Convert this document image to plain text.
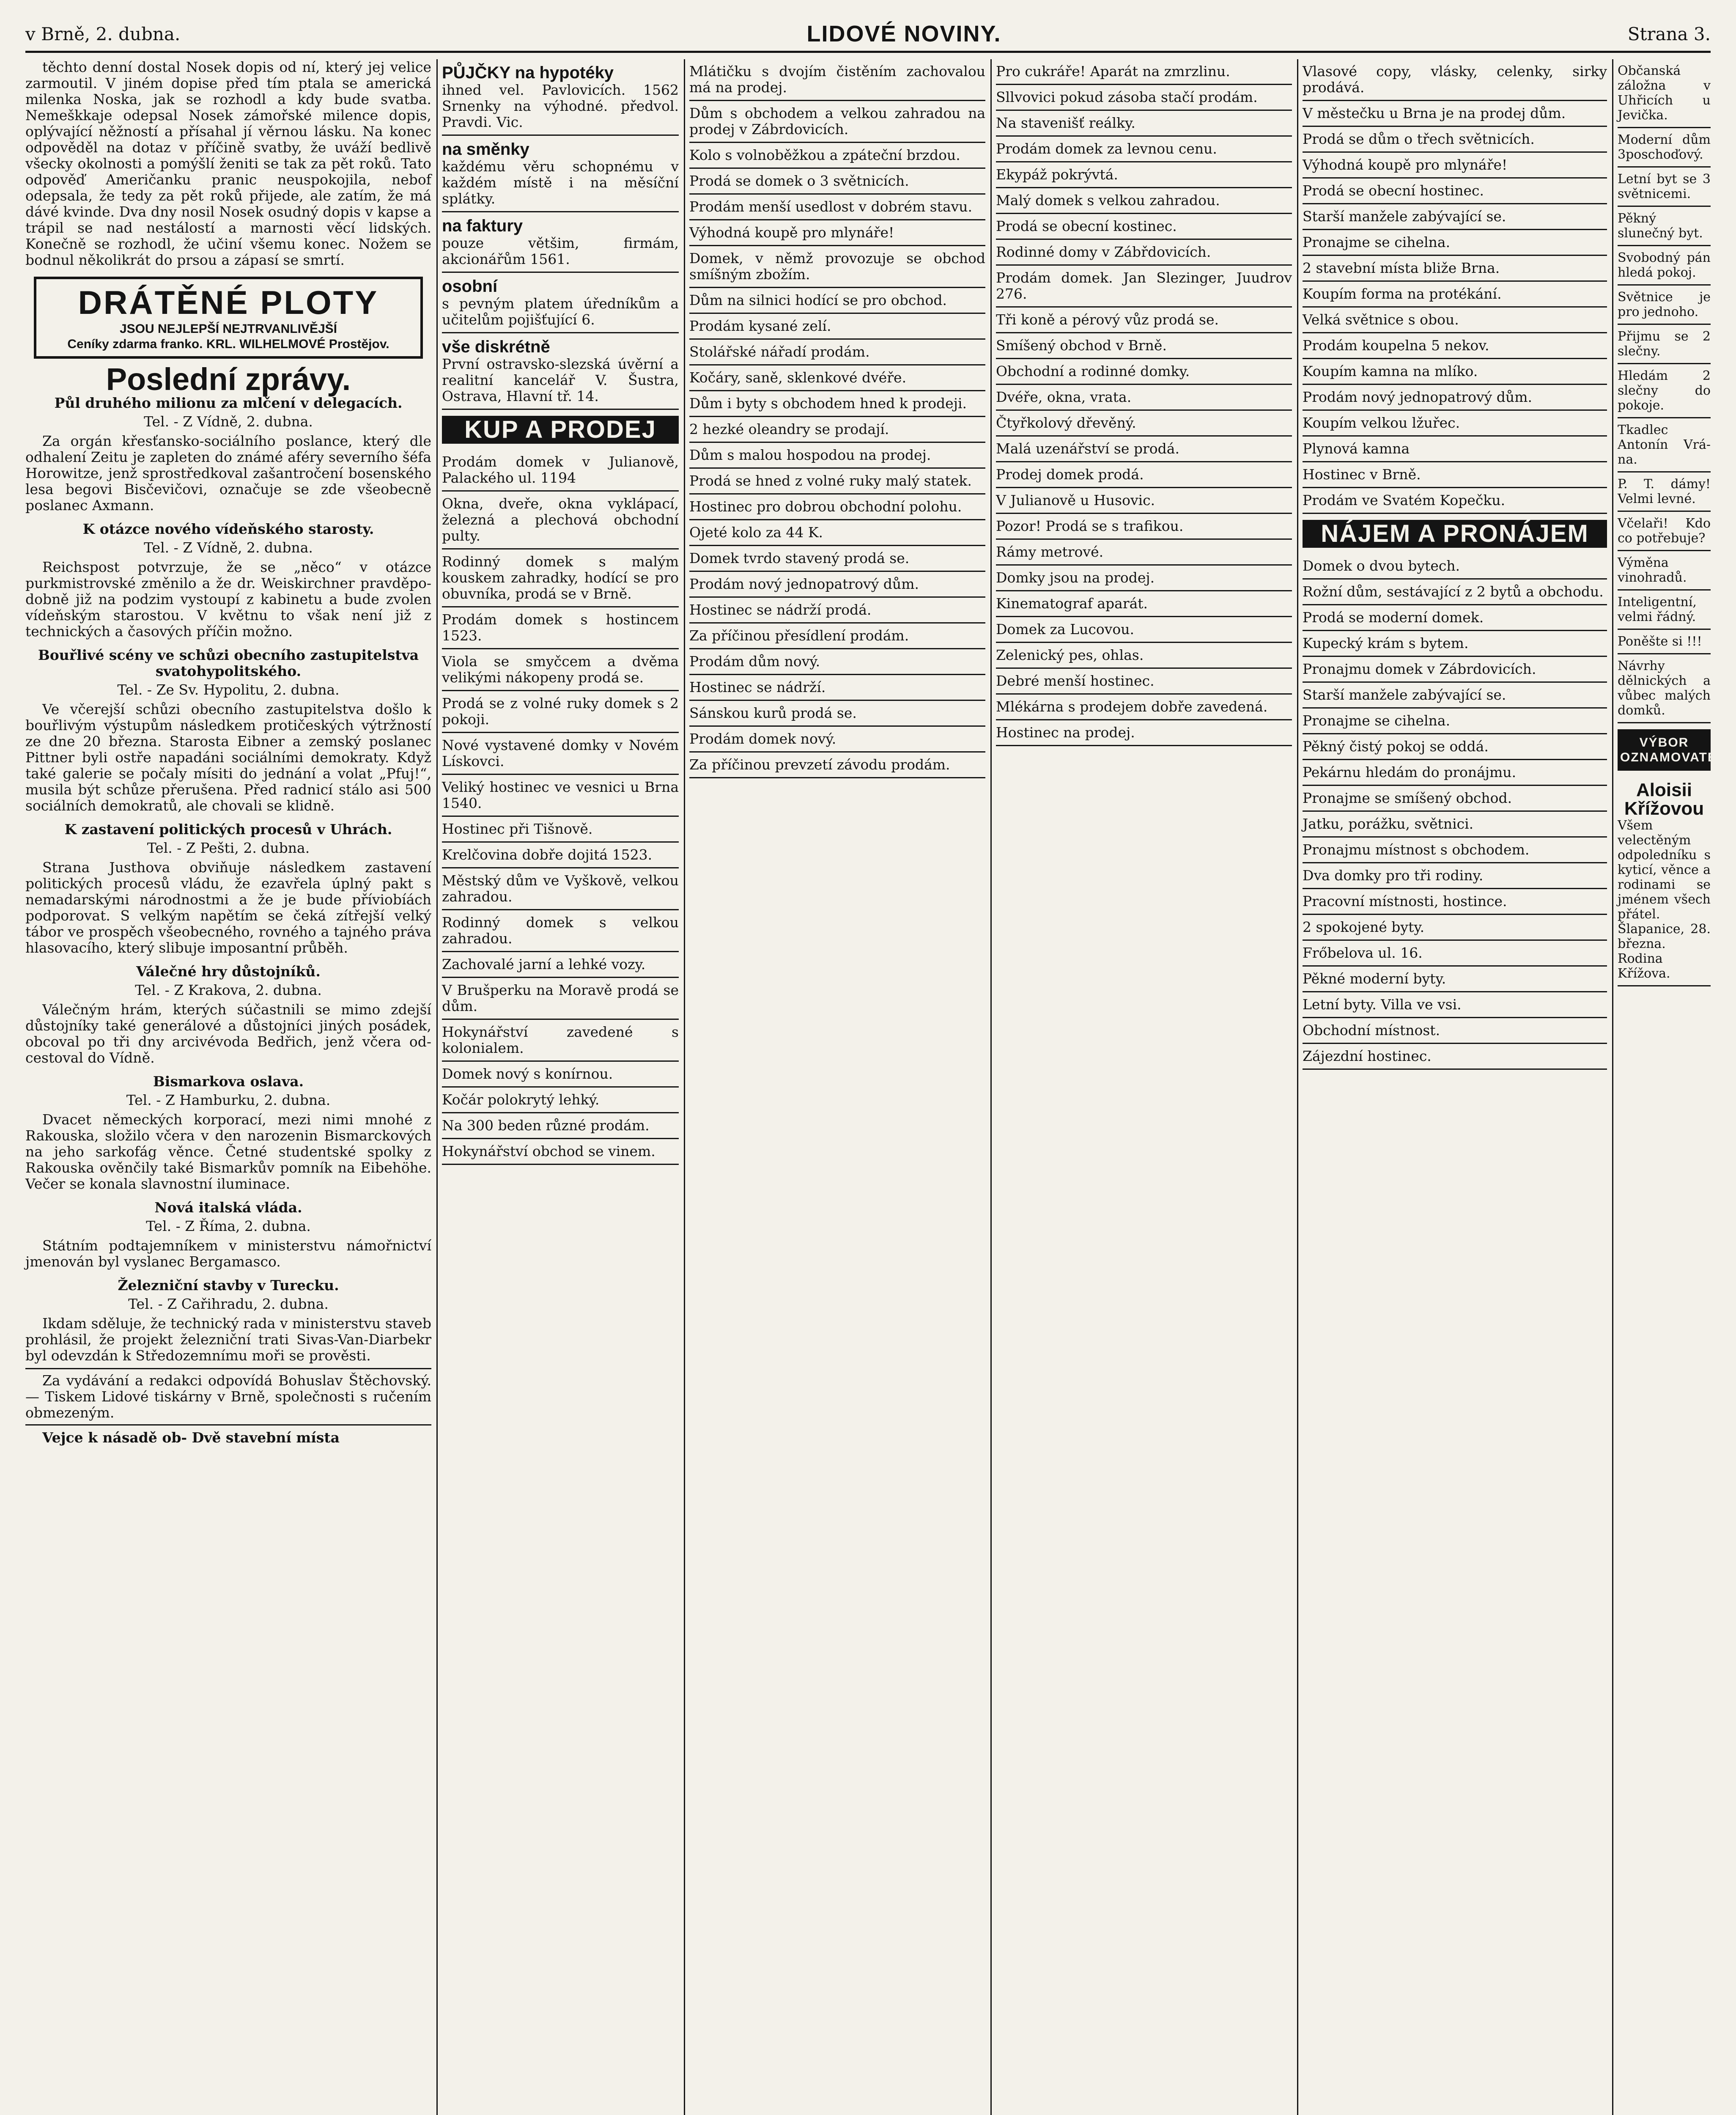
v Brně, 2. dubna.	LIDOVÉ NOVINY.	Strana 3.

těchto denní dostal Nosek dopis od ní, který jej velice zarmoutil. V jiném dopise před tím ptala se americká milenka Noska, jak se rozhodl a kdy bude svatba. Nemeškkaje odepsal Nosek zámořské milence dopis, oplývající něžností a přísahal jí věrnou lásku. Na konec odpověděl na dotaz v příčině svatby, že uváží bedlivě všecky okolnosti a pomýšlí ženiti se tak za pět roků. Tato odpověď Američanku pranic neuspokojila, nebof odepsala, že tedy za pět roků přijede, ale zatím, že má dávé kvinde. Dva dny nosil Nosek osudný dopis v kapse a trápil se nad nestálostí a marnosti věcí lidských. Konečně se rozhodl, že učiní všemu konec. Nožem se bodnul několikrát do prsou a zápasí se smrtí.

DRÁTĚNÉ PLOTY
JSOU NEJLEPŠÍ NEJTRVANLIVĚJŠÍ
Ceníky zdarma franko. KRL. WILHELMOVÉ Prostějov.
Poslední zprávy.
Půl druhého milionu za mlčení v delegacích.
Tel. - Z Vídně, 2. dubna.

Za orgán křesťansko-sociálního poslance, který dle odhalení Zeitu je zapleten do známé aféry severního šéfa Horowitze, jenž sprostředkoval zašantročení bosenského lesa begovi Bisčevičovi, označuje se zde všeobecně poslanec Axmann.

K otázce nového vídeňského starosty.
Tel. - Z Vídně, 2. dubna.

Reichspost potvrzuje, že se „něco“ v otázce purkmistrovské změnilo a že dr. Weiskirchner pravděpodobně již na podzim vystoupí z kabinetu a bude zvolen vídeňským starostou. V květnu to však není již z technických a časových příčin možno.

Bouřlivé scény ve schůzi obecního zastupitelstva svatohypolitského.
Tel. - Ze Sv. Hypolitu, 2. dubna.

Ve včerejší schůzi obecního zastupitelstva došlo k bouřlivým výstupům následkem protičeských výtržností ze dne 20 března. Starosta Eibner a zemský poslanec Pittner byli ostře napadáni sociálními demokraty. Když také galerie se počaly mísiti do jednání a volat „Pfuj!“, musila být schůze přerušena. Před radnicí stálo asi 500 sociálních demokratů, ale chovali se klidně.

K zastavení politických procesů v Uhrách.
Tel. - Z Pešti, 2. dubna.

Strana Justhova obviňuje následkem zastavení politických procesů vládu, že ezavřela úplný pakt s nemadarskými národnostmi a že je bude příviobíách podporovat. S velkým napětím se čeká zítřejší velký tábor ve prospěch všeobecného, rovného a tajného práva hlasovacího, který slibuje imposantní průběh.

Válečné hry důstojníků.
Tel. - Z Krakova, 2. dubna.

Válečným hrám, kterých súčastnili se mimo zdejší důstojníky také generálové a důstojníci jiných posádek, obcoval po tři dny arcivévoda Bedřich, jenž včera odcestoval do Vídně.

Bismarkova oslava.
Tel. - Z Hamburku, 2. dubna.

Dvacet německých korporací, mezi nimi mnohé z Rakouska, složilo včera v den narozenin Bismarckových na jeho sarkofág věnce. Četné studentské spolky z Rakouska ověnčily také Bismarkův pomník na Eibehöhe. Večer se konala slavnostní iluminace.

Nová italská vláda.
Tel. - Z Říma, 2. dubna.

Státním podtajemníkem v ministerstvu námořnictví jmenován byl vyslanec Bergamasco.

Železniční stavby v Turecku.
Tel. - Z Cařihradu, 2. dubna.

Ikdam sděluje, že technický rada v ministerstvu staveb prohlásil, že projekt železniční trati Sivas-Van-Diarbekr byl odevzdán k Středozemnímu moři se prověsti.

Za vydávání a redakci odpovídá Bohuslav Štěchovský. — Tiskem Lidové tiskárny v Brně, společnosti s ručením obmezeným.

Vejce k násadě ob- Dvě stavební místa

PŮJČKY na hypotéky
ihned vel. Pavlovicích. 1562 Srnenky na výhodné. předvol. Pravdi. Vic.
na směnky
každému věru schopnému v každém místě i na měsíční splátky.
na faktury
pouze většim, firmám, akcionářům 1561.
osobní
s pevným platem úředníkům a učitelům pojišťující 6.
vše diskrétně
První ostravsko-slezská úvěrní a realitní kancelář V. Šustra, Ostrava, Hlavní tř. 14.
KUP A PRODEJ
Prodám domek v Julianově, Palackého ul. 1194
Okna, dveře, okna vyklápací, železná a plechová obchodní pulty.
Rodinný domek s malým kouskem zahradky, hodící se pro obuvníka, prodá se v Brně.
Prodám domek s hostincem 1523.
Viola se smyčcem a dvěma velikými nákopeny prodá se.
Prodá se z volné ruky domek s 2 pokoji.
Nové vystavené domky v Novém Lískovci.
Veliký hostinec ve vesnici u Brna 1540.
Hostinec při Tišnově.
Krelčovina dobře dojitá 1523.
Městský dům ve Vyškově, velkou zahradou.
Rodinný domek s velkou zahradou.
Zachovalé jarní a lehké vozy.
V Brušperku na Moravě prodá se dům.
Hokynářství zavedené s kolonialem.
Domek nový s konírnou.
Kočár polokrytý lehký.
Na 300 beden různé prodám.
Hokynářství obchod se vinem.
Mlátičku s dvojím čistěním zachovalou má na prodej.
Dům s obchodem a velkou zahradou na prodej v Zábrdovicích.
Kolo s volnoběžkou a zpáteční brzdou.
Prodá se domek o 3 světnicích.
Prodám menší usedlost v dobrém stavu.
Výhodná koupě pro mlynáře!
Domek, v němž provozuje se obchod smíšným zbožím.
Dům na silnici hodící se pro obchod.
Prodám kysané zelí.
Stolářské nářadí prodám.
Kočáry, saně, sklenkové dvéře.
Dům i byty s obchodem hned k prodeji.
2 hezké oleandry se prodají.
Dům s malou hospodou na prodej.
Prodá se hned z volné ruky malý statek.
Hostinec pro dobrou obchodní polohu.
Ojeté kolo za 44 K.
Domek tvrdo stavený prodá se.
Prodám nový jednopatrový dům.
Hostinec se nádrží prodá.
Za příčinou přesídlení prodám.
Prodám dům nový.
Hostinec se nádrží.
Sánskou kurů prodá se.
Prodám domek nový.
Za příčinou prevzetí závodu prodám.
Pro cukráře! Aparát na zmrzlinu.
Sllvovici pokud zásoba stačí prodám.
Na stavenišť reálky.
Prodám domek za levnou cenu.
Ekypáž pokrývtá.
Malý domek s velkou zahradou.
Prodá se obecní kostinec.
Rodinné domy v Zábřdovicích.
Prodám domek. Jan Slezinger, Juudrov 276.
Tři koně a pérový vůz prodá se.
Smíšený obchod v Brně.
Obchodní a rodinné domky.
Dvéře, okna, vrata.
Čtyřkolový dřevěný.
Malá uzenářství se prodá.
Prodej domek prodá.
V Julianově u Husovic.
Pozor! Prodá se s trafikou.
Rámy metrové.
Domky jsou na prodej.
Kinematograf aparát.
Domek za Lucovou.
Zelenický pes, ohlas.
Debré menší hostinec.
Mlékárna s prodejem dobře zavedená.
Hostinec na prodej.
Vlasové copy, vlásky, celenky, sirky prodává.
V městečku u Brna je na prodej dům.
Prodá se dům o třech světnicích.
Výhodná koupě pro mlynáře!
Prodá se obecní hostinec.
Starší manžele zabývající se.
Pronajme se cihelna.
2 stavební místa bliže Brna.
Koupím forma na protékání.
Velká světnice s obou.
Prodám koupelna 5 nekov.
Koupím kamna na mlíko.
Prodám nový jednopatrový dům.
Koupím velkou lžuřec.
Plynová kamna
Hostinec v Brně.
Prodám ve Svatém Kopečku.
NÁJEM A PRONÁJEM
Domek o dvou bytech.
Rožní dům, sestávající z 2 bytů a obchodu.
Prodá se moderní domek.
Kupecký krám s bytem.
Pronajmu domek v Zábrdovicích.
Starší manžele zabývající se.
Pronajme se cihelna.
Pěkný čistý pokoj se oddá.
Pekárnu hledám do pronájmu.
Pronajme se smíšený obchod.
Jatku, porážku, světnici.
Pronajmu místnost s obchodem.
Dva domky pro tři rodiny.
Pracovní místnosti, hostince.
2 spokojené byty.
Frőbelova ul. 16.
Pěkné moderní byty.
Letní byty. Villa ve vsi.
Obchodní místnost.
Zájezdní hostinec.
Občanská záložna v Uhřicích u Jevička.
Moderní dům 3poschoďový.
Letní byt se 3 světnicemi.
Pěkný slunečný byt.
Svobodný pán hledá pokoj.
Světnice je pro jednoho.
Přijmu se 2 slečny.
Hledám 2 slečny do pokoje.
Tkadlec Antonín Vrána.
P. T. dámy! Velmi levné.
Včelaři! Kdo co potřebuje?
Výměna vinohradů.
Inteligentní, velmi řádný.
Poněšte si !!!
Návrhy dělnických a vůbec malých domků.
VÝBOR OZNAMOVATEL
Aloisii Křížovou
Všem velectěným odpoledníku s kyticí, věnce a rodinami se jménem všech přátel. Šlapanice, 28. března. Rodina Křížova.
